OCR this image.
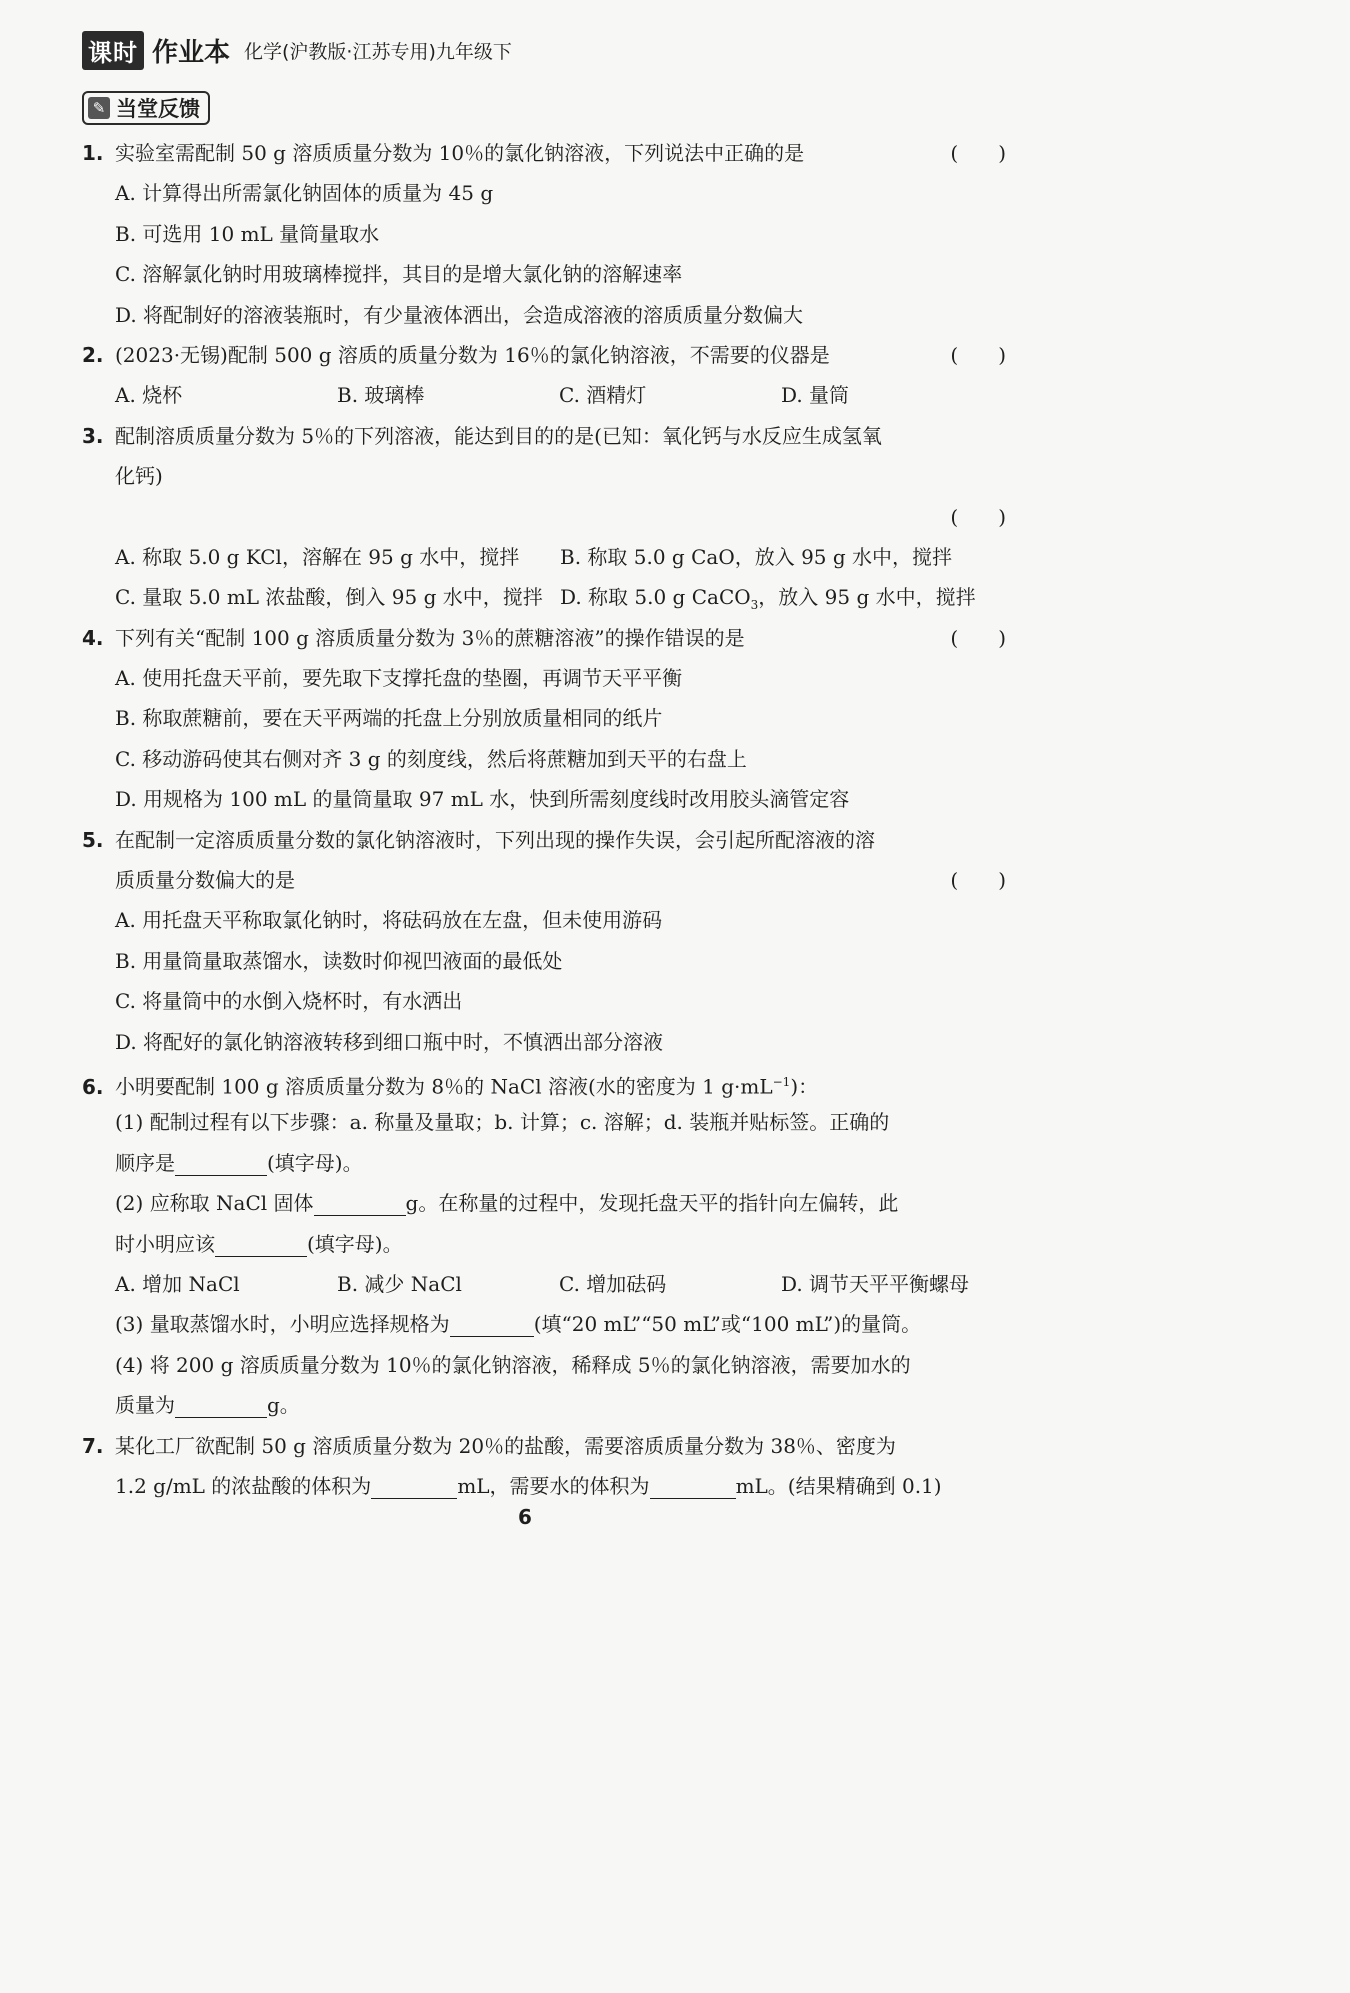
课时 作业本 化学(沪教版·江苏专用)九年级下
✎ 当堂反馈
1. 实验室需配制 50 g 溶质质量分数为 10％的氯化钠溶液，下列说法中正确的是	(　　)
A. 计算得出所需氯化钠固体的质量为 45 g
B. 可选用 10 mL 量筒量取水
C. 溶解氯化钠时用玻璃棒搅拌，其目的是增大氯化钠的溶解速率
D. 将配制好的溶液装瓶时，有少量液体洒出，会造成溶液的溶质质量分数偏大
2. (2023·无锡)配制 500 g 溶质的质量分数为 16％的氯化钠溶液，不需要的仪器是	(　　)
A. 烧杯	B. 玻璃棒	C. 酒精灯	D. 量筒
3. 配制溶质质量分数为 5％的下列溶液，能达到目的的是(已知：氧化钙与水反应生成氢氧
化钙)
(　　)
A. 称取 5.0 g KCl，溶解在 95 g 水中，搅拌	B. 称取 5.0 g CaO，放入 95 g 水中，搅拌
C. 量取 5.0 mL 浓盐酸，倒入 95 g 水中，搅拌 D. 称取 5.0 g CaCO$_3$，放入 95 g 水中，搅拌
4. 下列有关“配制 100 g 溶质质量分数为 3％的蔗糖溶液”的操作错误的是	(　　)
A. 使用托盘天平前，要先取下支撑托盘的垫圈，再调节天平平衡
B. 称取蔗糖前，要在天平两端的托盘上分别放质量相同的纸片
C. 移动游码使其右侧对齐 3 g 的刻度线，然后将蔗糖加到天平的右盘上
D. 用规格为 100 mL 的量筒量取 97 mL 水，快到所需刻度线时改用胶头滴管定容
5. 在配制一定溶质质量分数的氯化钠溶液时，下列出现的操作失误，会引起所配溶液的溶
质质量分数偏大的是	(　　)
A. 用托盘天平称取氯化钠时，将砝码放在左盘，但未使用游码
B. 用量筒量取蒸馏水，读数时仰视凹液面的最低处
C. 将量筒中的水倒入烧杯时，有水洒出
D. 将配好的氯化钠溶液转移到细口瓶中时，不慎洒出部分溶液
6. 小明要配制 100 g 溶质质量分数为 8％的 NaCl 溶液(水的密度为 1 $g\cdot mL^{-1}$)：
(1) 配制过程有以下步骤：a. 称量及量取；b. 计算；c. 溶解；d. 装瓶并贴标签。正确的
顺序是	(填字母)。
(2) 应称取 NaCl 固体	g。在称量的过程中，发现托盘天平的指针向左偏转，此
时小明应该	(填字母)。
A. 增加 NaCl	B. 减少 NaCl	C. 增加砝码	D. 调节天平平衡螺母
(3) 量取蒸馏水时，小明应选择规格为	(填“20 mL”“50 mL”或“100 mL”)的量筒。
(4) 将 200 g 溶质质量分数为 10％的氯化钠溶液，稀释成 5％的氯化钠溶液，需要加水的
质量为	g。
7. 某化工厂欲配制 50 g 溶质质量分数为 20％的盐酸，需要溶质质量分数为 38％、密度为
1.2 g/mL 的浓盐酸的体积为	mL，需要水的体积为	mL。(结果精确到 0.1)
6
